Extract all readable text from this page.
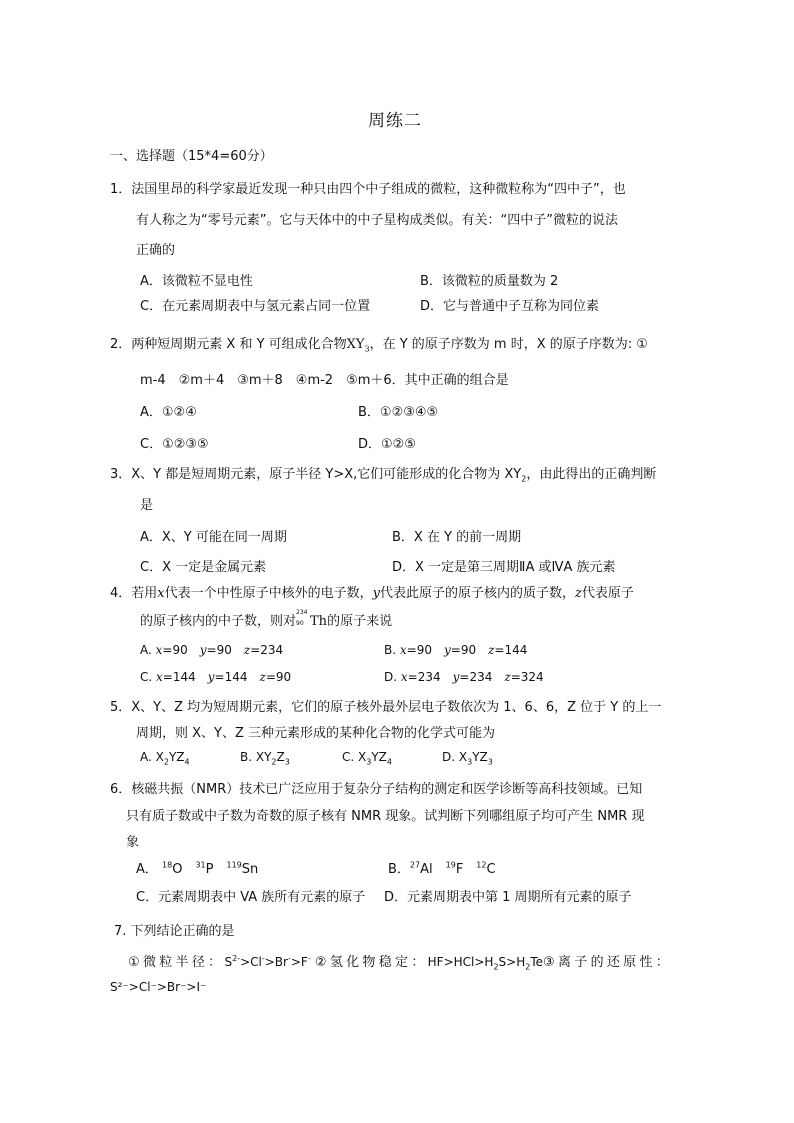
周练二
一、选择题（15*4=60分）
1．法国里昂的科学家最近发现一种只由四个中子组成的微粒，这种微粒称为“四中子”，也
有人称之为“零号元素”。它与天体中的中子星构成类似。有关：“四中子”微粒的说法
正确的
A．该微粒不显电性	B．该微粒的质量数为 2
C．在元素周期表中与氢元素占同一位置	D．它与普通中子互称为同位素
2．两种短周期元素 X 和 Y 可组成化合物$XY_3$，在 Y 的原子序数为 m 时，X 的原子序数为: ①
m-4　②m＋4　③m＋8　④m-2　⑤m＋6．其中正确的组合是
A．①②④	B．①②③④⑤
C．①②③⑤	D．①②⑤
3．X、Y 都是短周期元素，原子半径 Y>X,它们可能形成的化合物为 $XY_2$，由此得出的正确判断
是
A．X、Y 可能在同一周期	B．X 在 Y 的前一周期
C．X 一定是金属元素	D．X 一定是第三周期ⅡA 或ⅣA 族元素
4．若用x代表一个中性原子中核外的电子数，y代表此原子的原子核内的质子数，z代表原子
的原子核内的中子数，则对
234
90 Th的原子来说
A. x=90　y=90　z=234	B. x=90　y=90　z=144
C. x=144　y=144　z=90	D. x=234　y=234　z=324
5．X、Y、Z 均为短周期元素，它们的原子核外最外层电子数依次为 1、6、6，Z 位于 Y 的上一
周期，则 X、Y、Z 三种元素形成的某种化合物的化学式可能为
A. $X_2YZ_4$	B. $XY_2Z_3$	C. $X_3YZ_4$	D. $X_3YZ_3$
6．核磁共振（NMR）技术已广泛应用于复杂分子结构的测定和医学诊断等高科技领域。已知
只有质子数或中子数为奇数的原子核有 NMR 现象。试判断下列哪组原子均可产生 NMR 现
象
A． $^{18}$O　$^{31}$P　$^{119}$Sn	B．$^{27}$Al　$^{19}$F　$^{12}$C
C．元素周期表中 VA 族所有元素的原子 D．元素周期表中第 1 周期所有元素的原子
7. 下列结论正确的是
①微粒半径：$S^{2-}>Cl^->Br^->F^-$ ②氢化物稳定：$HF>HCl>H_2S>H_2Te③$离子的还原性：
S²⁻>Cl⁻>Br⁻>I⁻
